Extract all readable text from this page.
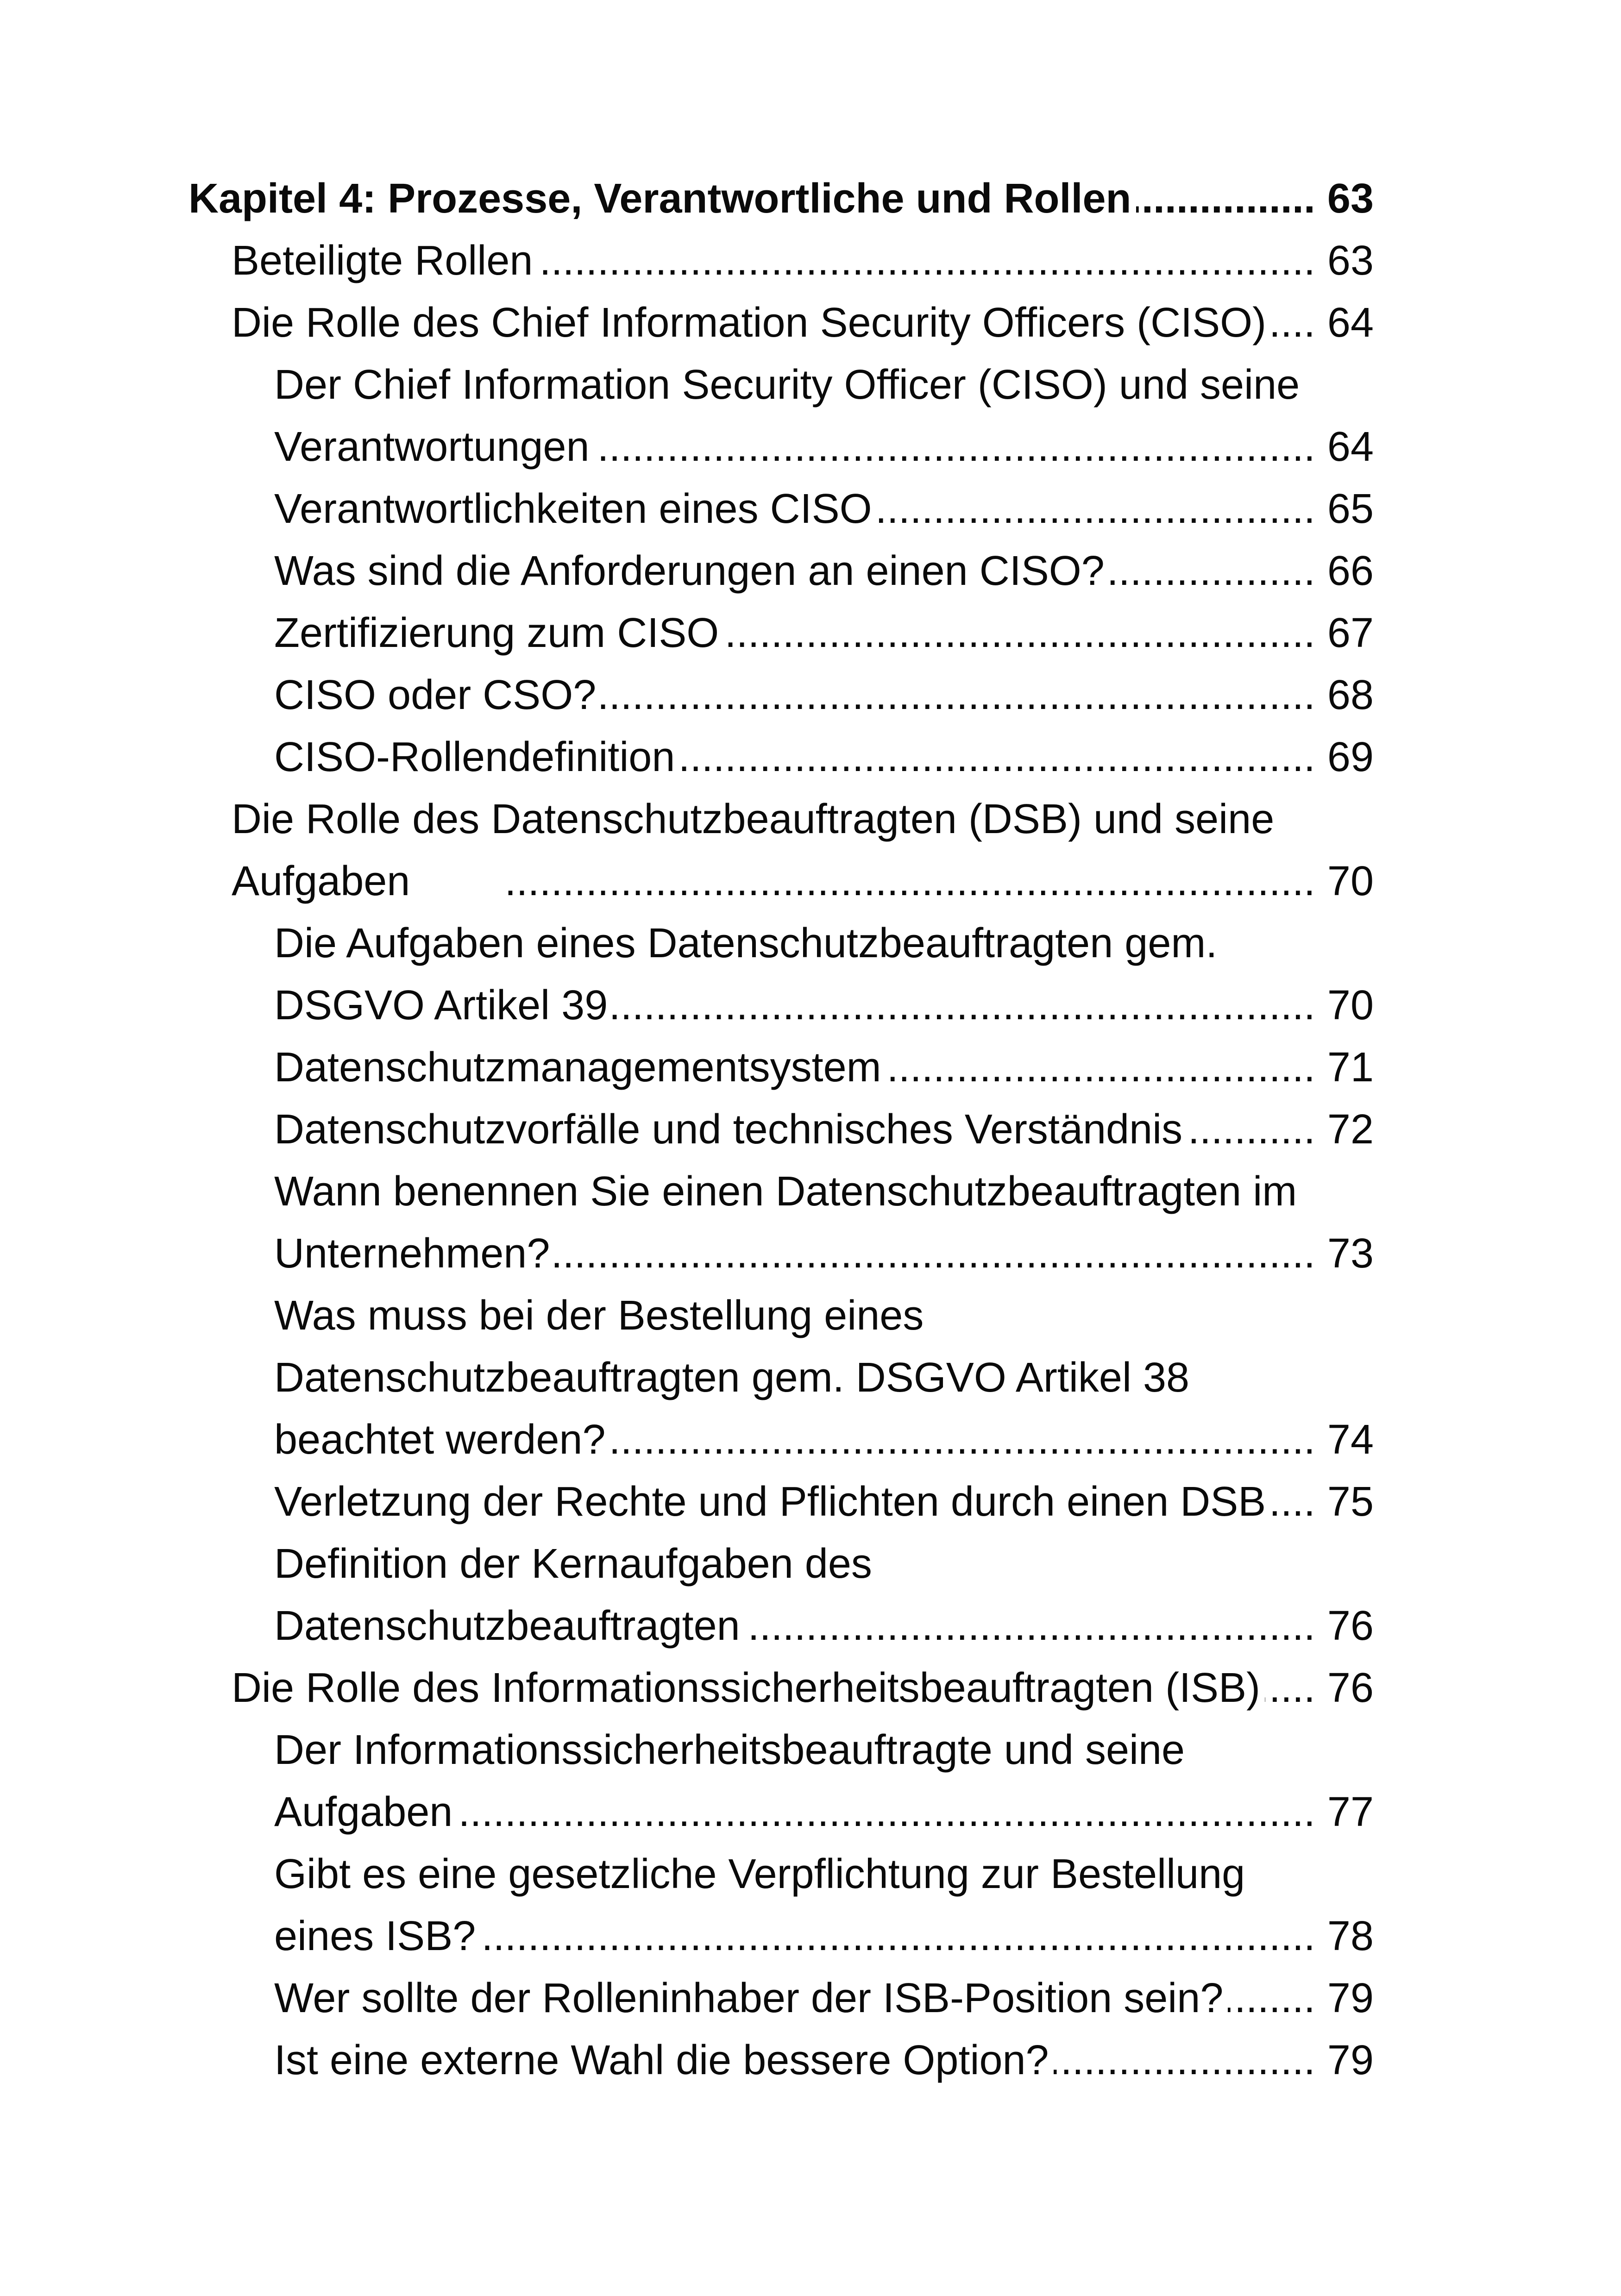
Kapitel 4: Prozesse, Verantwortliche und Rollen .....	63
Beteiligte Rollen .....	63
Die Rolle des Chief Information Security Officers (CISO) ..... 64
Der Chief Information Security Officer (CISO) und seine
Verantwortungen .....	64
Verantwortlichkeiten eines CISO .....	65
Was sind die Anforderungen an einen CISO? .....	66
Zertifizierung zum CISO .....	67
CISO oder CSO? .....	68
CISO-Rollendefinition .....	69
Die Rolle des Datenschutzbeauftragten (DSB) und seine
Aufgaben .....	70
Die Aufgaben eines Datenschutzbeauftragten gem.
DSGVO Artikel 39 .....	70
Datenschutzmanagementsystem .....	71
Datenschutzvorfälle und technisches Verständnis .....	72
Wann benennen Sie einen Datenschutzbeauftragten im
Unternehmen? .....	73
Was muss bei der Bestellung eines
Datenschutzbeauftragten gem. DSGVO Artikel 38
beachtet werden? .....	74
Verletzung der Rechte und Pflichten durch einen DSB ..... 75
Definition der Kernaufgaben des
Datenschutzbeauftragten .....	76
Die Rolle des Informationssicherheitsbeauftragten (ISB) ..... 76
Der Informationssicherheitsbeauftragte und seine
Aufgaben .....	77
Gibt es eine gesetzliche Verpflichtung zur Bestellung
eines ISB? .....	78
Wer sollte der Rolleninhaber der ISB-Position sein? ..... 79
Ist eine externe Wahl die bessere Option? .....	79
